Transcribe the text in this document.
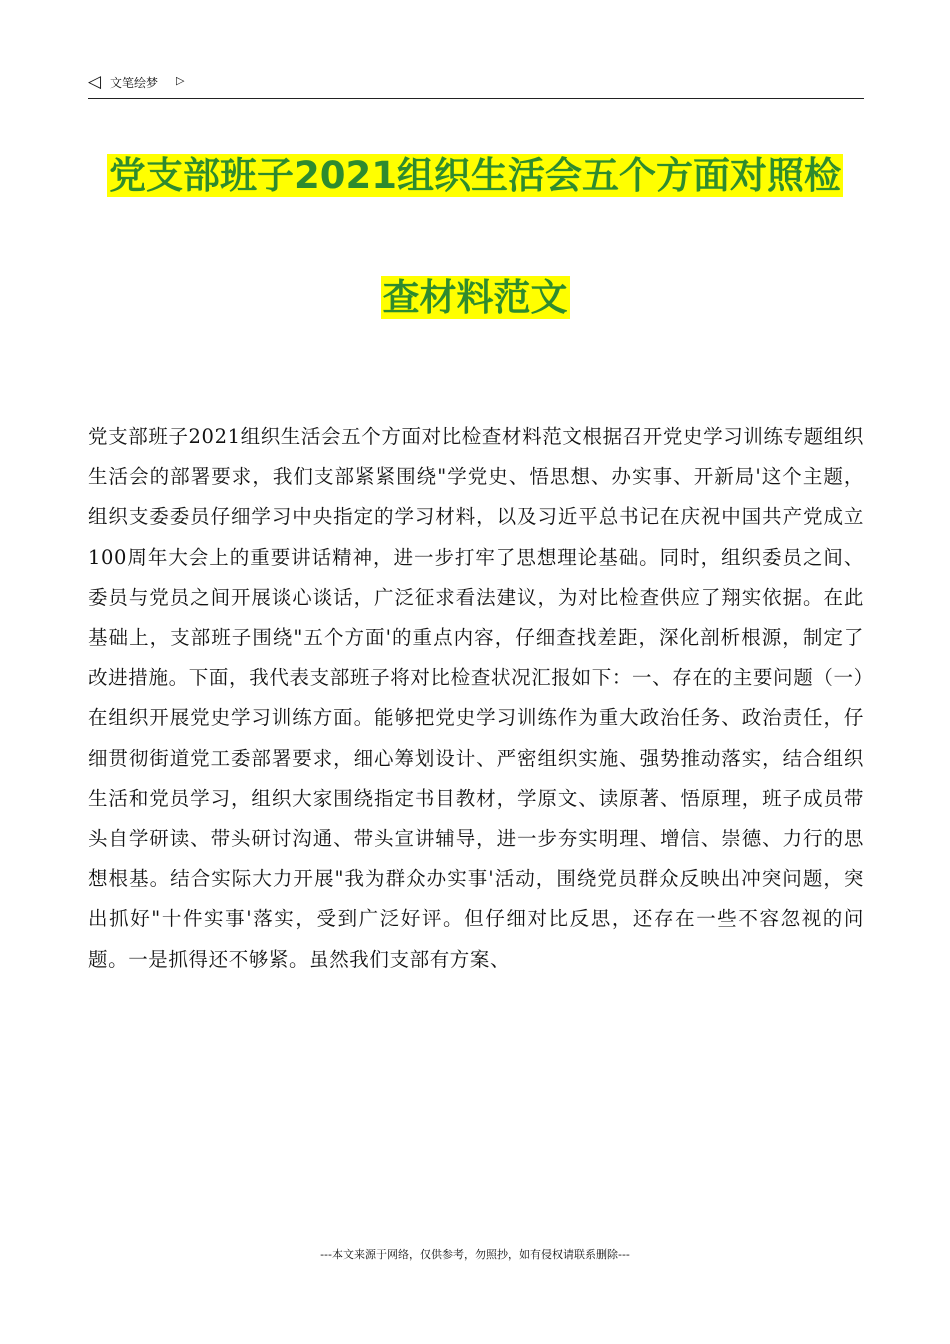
◁ 文笔绘梦 ▷
党支部班子2021组织生活会五个方面对照检
查材料范文
党支部班子2021组织生活会五个方面对比检查材料范文根据召开党史学习训练专题组织生活会的部署要求，我们支部紧紧围绕"学党史、悟思想、办实事、开新局'这个主题，组织支委委员仔细学习中央指定的学习材料，以及习近平总书记在庆祝中国共产党成立100周年大会上的重要讲话精神，进一步打牢了思想理论基础。同时，组织委员之间、委员与党员之间开展谈心谈话，广泛征求看法建议，为对比检查供应了翔实依据。在此基础上，支部班子围绕"五个方面'的重点内容，仔细查找差距，深化剖析根源，制定了改进措施。下面，我代表支部班子将对比检查状况汇报如下：一、存在的主要问题（一）在组织开展党史学习训练方面。能够把党史学习训练作为重大政治任务、政治责任，仔细贯彻街道党工委部署要求，细心筹划设计、严密组织实施、强势推动落实，结合组织生活和党员学习，组织大家围绕指定书目教材，学原文、读原著、悟原理，班子成员带头自学研读、带头研讨沟通、带头宣讲辅导，进一步夯实明理、增信、崇德、力行的思想根基。结合实际大力开展"我为群众办实事'活动，围绕党员群众反映出冲突问题，突出抓好"十件实事'落实，受到广泛好评。但仔细对比反思，还存在一些不容忽视的问题。一是抓得还不够紧。虽然我们支部有方案、
---本文来源于网络，仅供参考，勿照抄，如有侵权请联系删除---
